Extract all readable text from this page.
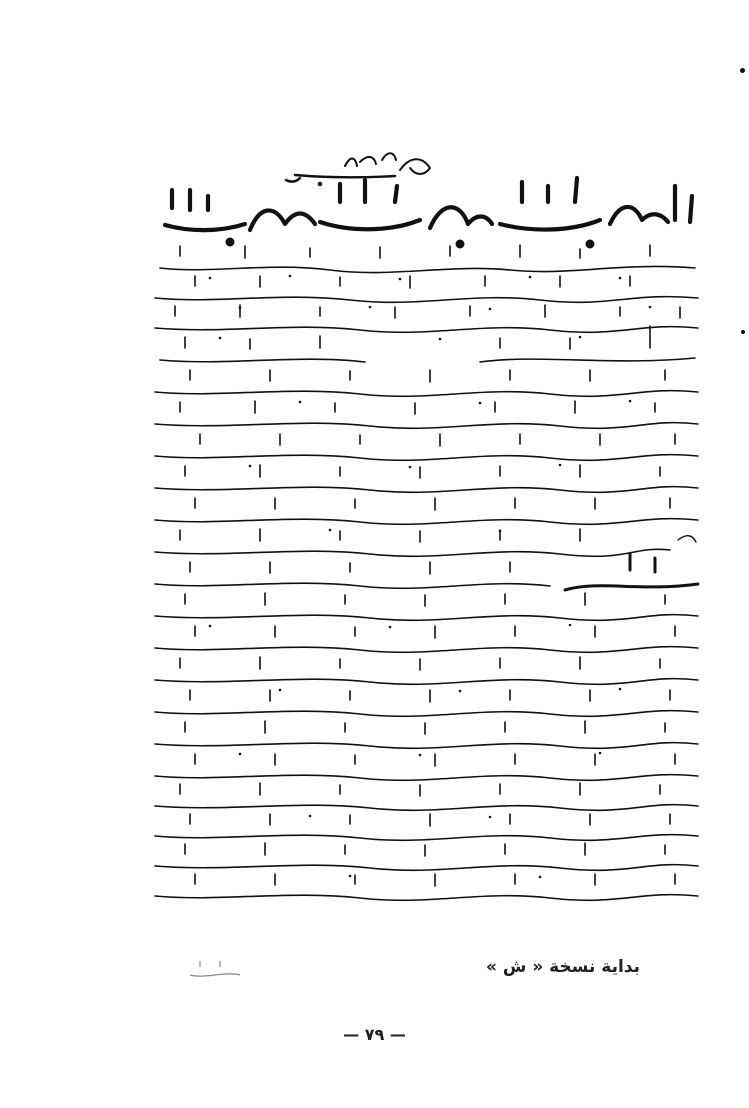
بداية نسخة « ش »
— ٧٩ —
